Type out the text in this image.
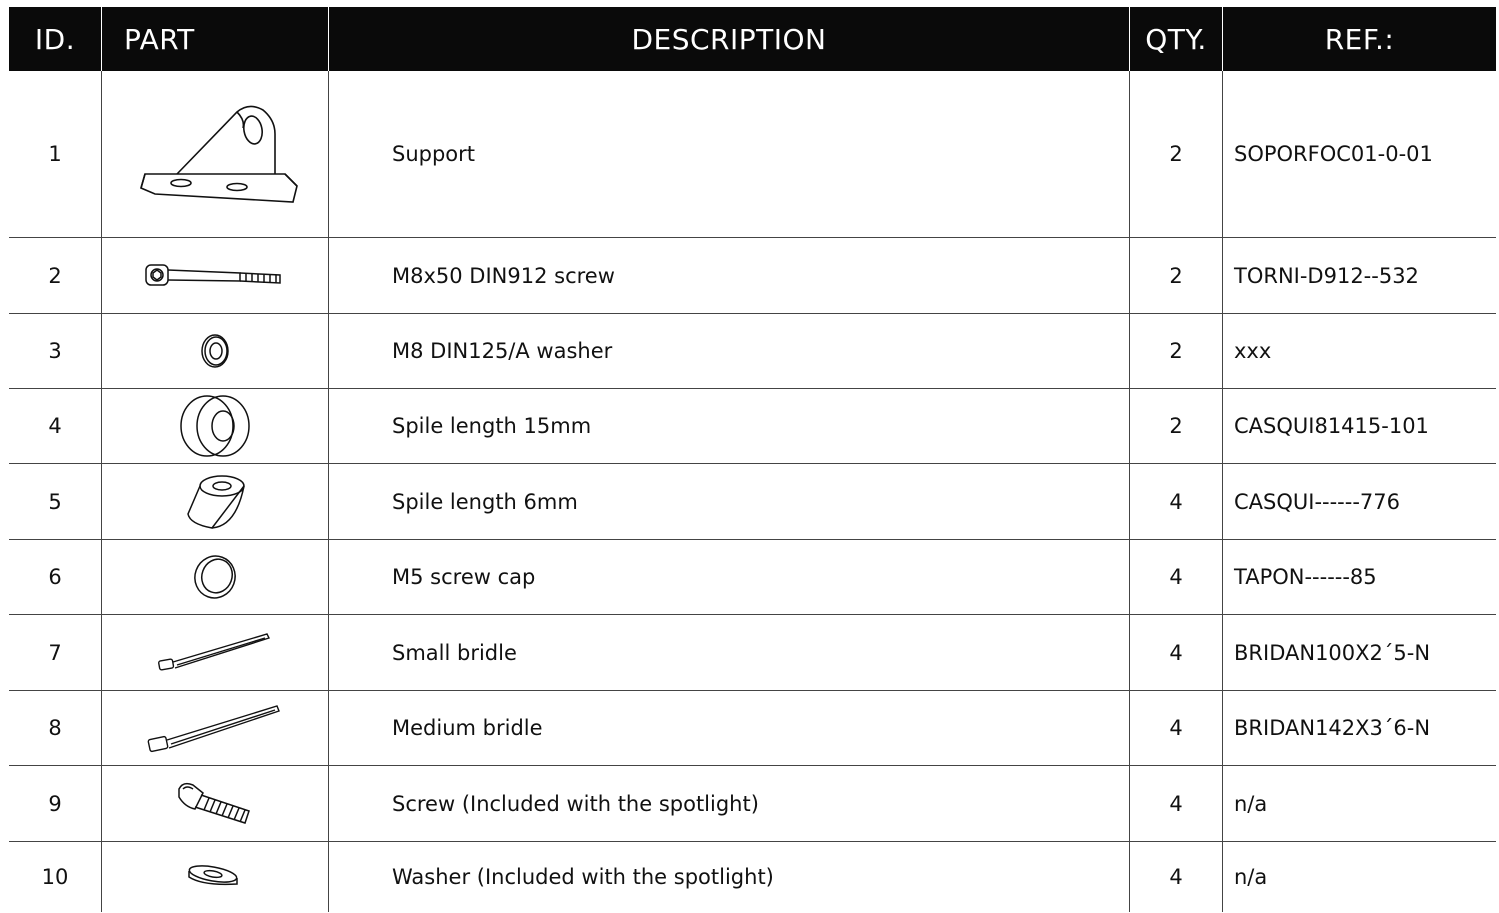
ID.	PART	DESCRIPTION	QTY.	REF.:
1	Support	2	SOPORFOC01-0-01
2	M8x50 DIN912 screw	2	TORNI-D912--532
3	M8 DIN125/A washer	2	xxx
4	Spile length 15mm	2	CASQUI81415-101
5	Spile length 6mm	4	CASQUI------776
6	M5 screw cap	4	TAPON------85
7	Small bridle	4	BRIDAN100X2´5-N
8	Medium bridle	4	BRIDAN142X3´6-N
9	Screw (Included with the spotlight)	4	n/a
10	Washer (Included with the spotlight)	4	n/a
